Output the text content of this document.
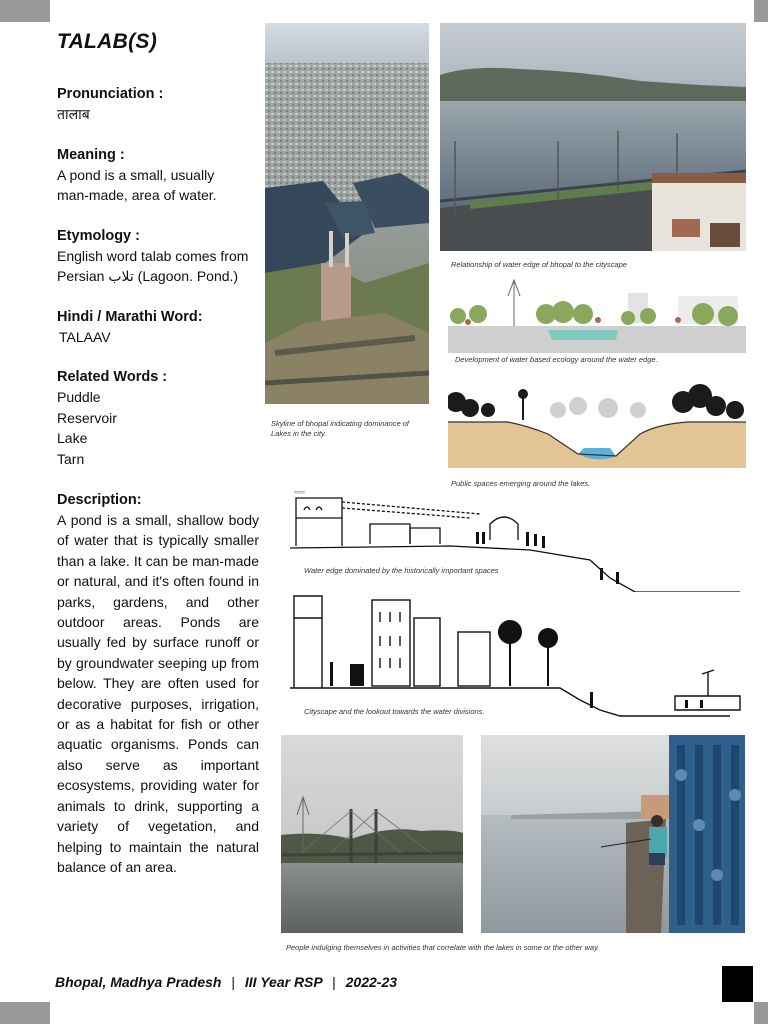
TALAB(S)

Pronunciation :

तालाब

Meaning :

A pond is a small, usually

man-made, area of water.

Etymology :

English word talab comes from

Persian تلاب (Lagoon. Pond.)

Hindi / Marathi Word:

TALAAV

Related Words :

Puddle
Reservoir
Lake
Tarn

Description:

A pond is a small, shallow body of water that is typically smaller than a lake. It can be man-made or natural, and it's often found in parks, gardens, and other outdoor areas. Ponds are usually fed by surface runoff or by groundwater seeping up from below. They are often used for decorative purposes, irrigation, or as a habitat for fish or other aquatic organisms. Ponds can also serve as important ecosystems, providing water for animals to drink, supporting a variety of vegetation, and helping to maintain the natural balance of an area.

Skyline of bhopal indicating dominance of Lakes in the city.
Relationship of water edge of bhopal to the cityscape
Development of water based ecology around the water edge.
Public spaces emerging around the lakes.
≈≈≈≈
Water edge dominated by the historically important spaces
Cityscape and the lookout towards the water divisions.
People indulging themselves in activities that correlate with the lakes in some or the other way.
Bhopal, Madhya Pradesh | III Year RSP | 2022-23
